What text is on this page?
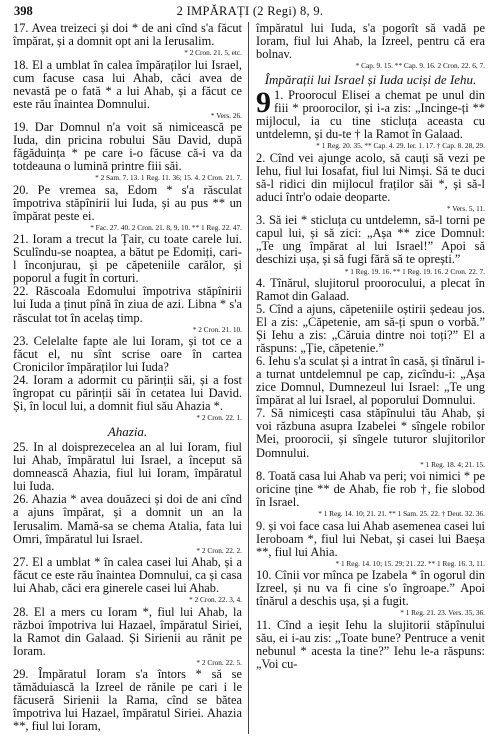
398	2 IMPĂRAȚI (2 Regi) 8, 9.

17. Avea treizeci și doi * de ani cînd s'a făcut împărat, și a domnit opt ani la Ierusalim.

* 2 Cron. 21. 5, etc.

18. El a umblat în calea împăraților lui Israel, cum facuse casa lui Ahab, căci avea de nevastă pe o fată * a lui Ahab, și a făcut ce este rău înaintea Domnului.

* Vers. 26.

19. Dar Domnul n'a voit să nimicească pe Iuda, din pricina robului Său David, după făgăduința * pe care i-o făcuse că-i va da totdeauna o lumină printre fiii săi.

* 2 Sam. 7. 13. 1 Reg. 11. 36; 15. 4. 2 Cron. 21. 7.

20. Pe vremea sa, Edom * s'a răsculat împotriva stăpînirii lui Iuda, și au pus ** un împărat peste ei.

* Fac. 27. 40. 2 Cron. 21. 8, 9, 10. ** 1 Reg. 22. 47.

21. Ioram a trecut la Țair, cu toate carele lui. Sculîndu-se noaptea, a bătut pe Edomiți, cari-l înconjurau, și pe căpeteniile carălor, și poporul a fugit în corturi.

22. Răscoala Edomului împotriva stăpînirii lui Iuda a ținut pînă în ziua de azi. Libna * s'a răsculat tot în acelaș timp.

* 2 Cron. 21. 10.

23. Celelalte fapte ale lui Ioram, și tot ce a făcut el, nu sînt scrise oare în cartea Cronicilor împăraților lui Iuda?

24. Ioram a adormit cu părinții săi, și a fost îngropat cu părinții săi în cetatea lui David. Și, în locul lui, a domnit fiul său Ahazia *.

* 2 Cron. 22. 1.
Ahazia.

25. In al doisprezecelea an al lui Ioram, fiul lui Ahab, împăratul lui Israel, a început să domnească Ahazia, fiul lui Ioram, împăratul lui Iuda.

26. Ahazia * avea douăzeci și doi de ani cînd a ajuns împărat, și a domnit un an la Ierusalim. Mamă-sa se chema Atalia, fata lui Omri, împăratul lui Israel.

* 2 Cron. 22. 2.

27. El a umblat * în calea casei lui Ahab, și a făcut ce este rău înaintea Domnului, ca și casa lui Ahab, căci era ginerele casei lui Ahab.

* 2 Cron. 22. 3, 4.

28. El a mers cu Ioram *, fiul lui Ahab, la război împotriva lui Hazael, împăratul Siriei, la Ramot din Galaad. Și Sirienii au rănit pe Ioram.

* 2 Cron. 22. 5.

29. Împăratul Ioram s'a întors * să se tămăduiască la Izreel de rănile pe cari i le făcuseră Sirienii la Rama, cînd se bătea împotriva lui Hazael, împăratul Siriei. Ahazia **, fiul lui Ioram,

împăratul lui Iuda, s'a pogorît să vadă pe Ioram, fiul lui Ahab, la Izreel, pentru că era bolnav.

* Cap. 9. 15. ** Cap. 9. 16. 2 Cron. 22. 6, 7.
Împărații lui Israel și Iuda uciși de Iehu.

9 1. Proorocul Elisei a chemat pe unul din fiii * proorocilor, și i-a zis: „Incinge-ți ** mijlocul, ia cu tine sticluța aceasta cu untdelemn, și du-te † la Ramot în Galaad.

* 1 Reg. 20. 35. ** Cap. 4. 29. Ier. 1. 17. † Cap. 8. 28, 29.

2. Cînd vei ajunge acolo, să cauți să vezi pe Iehu, fiul lui Iosafat, fiul lui Nimși. Să te duci să-l ridici din mijlocul fraților săi *, și să-l aduci într'o odaie deoparte.

* Vers. 5, 11.

3. Să iei * sticluța cu untdelemn, să-l torni pe capul lui, și să zici: „Așa ** zice Domnul: „Te ung împărat al lui Israel!” Apoi să deschizi ușa, și să fugi fără să te oprești.”

* 1 Reg. 19. 16. ** 1 Reg. 19. 16. 2 Cron. 22. 7.

4. Tînărul, slujitorul proorocului, a plecat în Ramot din Galaad.

5. Cînd a ajuns, căpeteniile oștirii ședeau jos. El a zis: „Căpetenie, am să-ți spun o vorbă.” Și Iehu a zis: „Căruia dintre noi toți?” El a răspuns: „Ție, căpetenie.”

6. Iehu s'a sculat și a intrat în casă, și tînărul i-a turnat untdelemnul pe cap, zicîndu-i: „Așa zice Domnul, Dumnezeul lui Israel: „Te ung împărat al lui Israel, al poporului Domnului.

7. Să nimicești casa stăpînului tău Ahab, și voi răzbuna asupra Izabelei * sîngele robilor Mei, proorocii, și sîngele tuturor slujitorilor Domnului.

* 1 Reg. 18. 4; 21. 15.

8. Toată casa lui Ahab va peri; voi nimici * pe oricine ține ** de Ahab, fie rob †, fie slobod în Israel.

* 1 Reg. 14. 10; 21. 21. ** 1 Sam. 25. 22. † Deut. 32. 36.

9. și voi face casa lui Ahab asemenea casei lui Ieroboam *, fiul lui Nebat, și casei lui Baeșa **, fiul lui Ahia.

* 1 Reg. 14. 10; 15. 29; 21. 22. ** 1 Reg. 16. 3, 11.

10. Cînii vor mînca pe Izabela * în ogorul din Izreel, și nu va fi cine s'o îngroape.” Apoi tînărul a deschis ușa, și a fugit.

* 1 Reg. 21. 23. Vers. 35, 36.

11. Cînd a ieșit Iehu la slujitorii stăpînului său, ei i-au zis: „Toate bune? Pentruce a venit nebunul * acesta la tine?” Iehu le-a răspuns: „Voi cu-
